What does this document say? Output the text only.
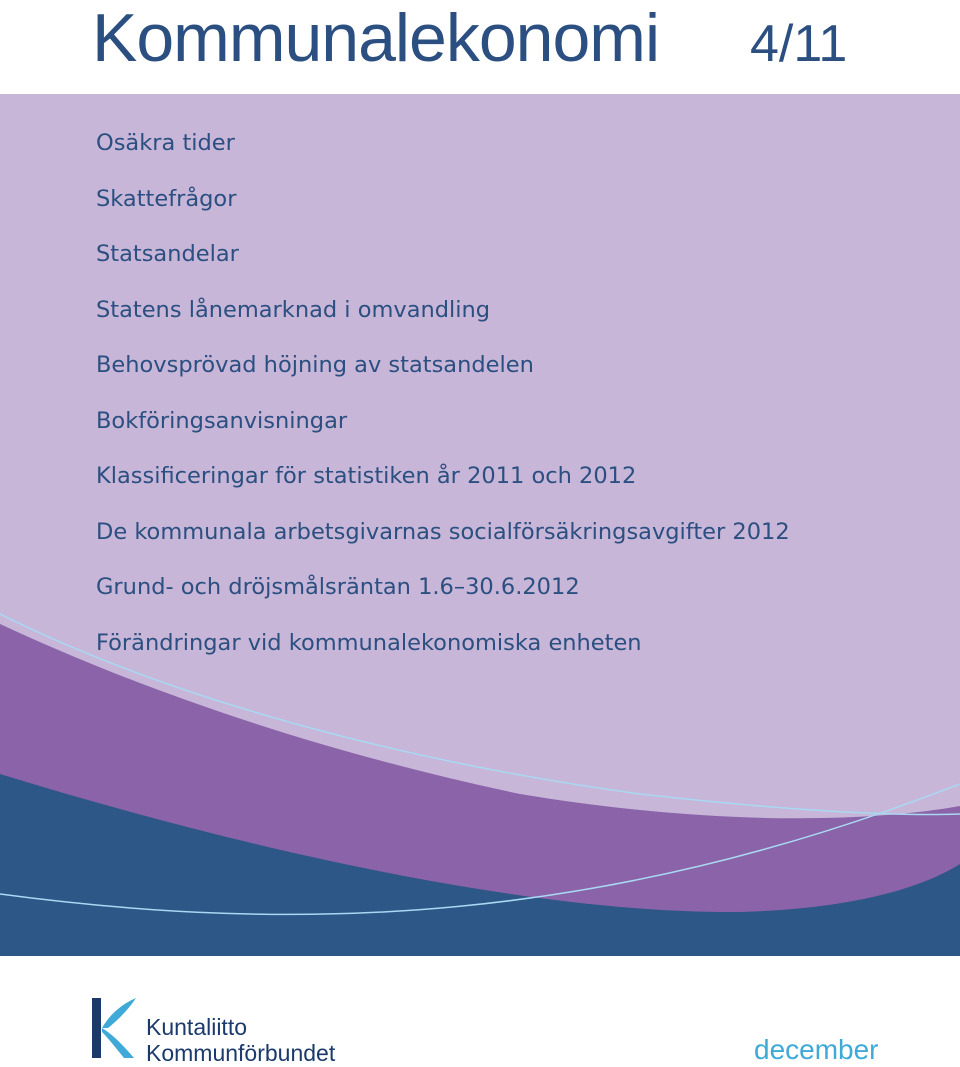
Kommunalekonomi 4/11
Osäkra tider
Skattefrågor
Statsandelar
Statens lånemarknad i omvandling
Behovsprövad höjning av statsandelen
Bokföringsanvisningar
Klassificeringar för statistiken år 2011 och 2012
De kommunala arbetsgivarnas socialförsäkringsavgifter 2012
Grund- och dröjsmålsräntan 1.6–30.6.2012
Förändringar vid kommunalekonomiska enheten
Kuntaliitto
Kommunförbundet	december
